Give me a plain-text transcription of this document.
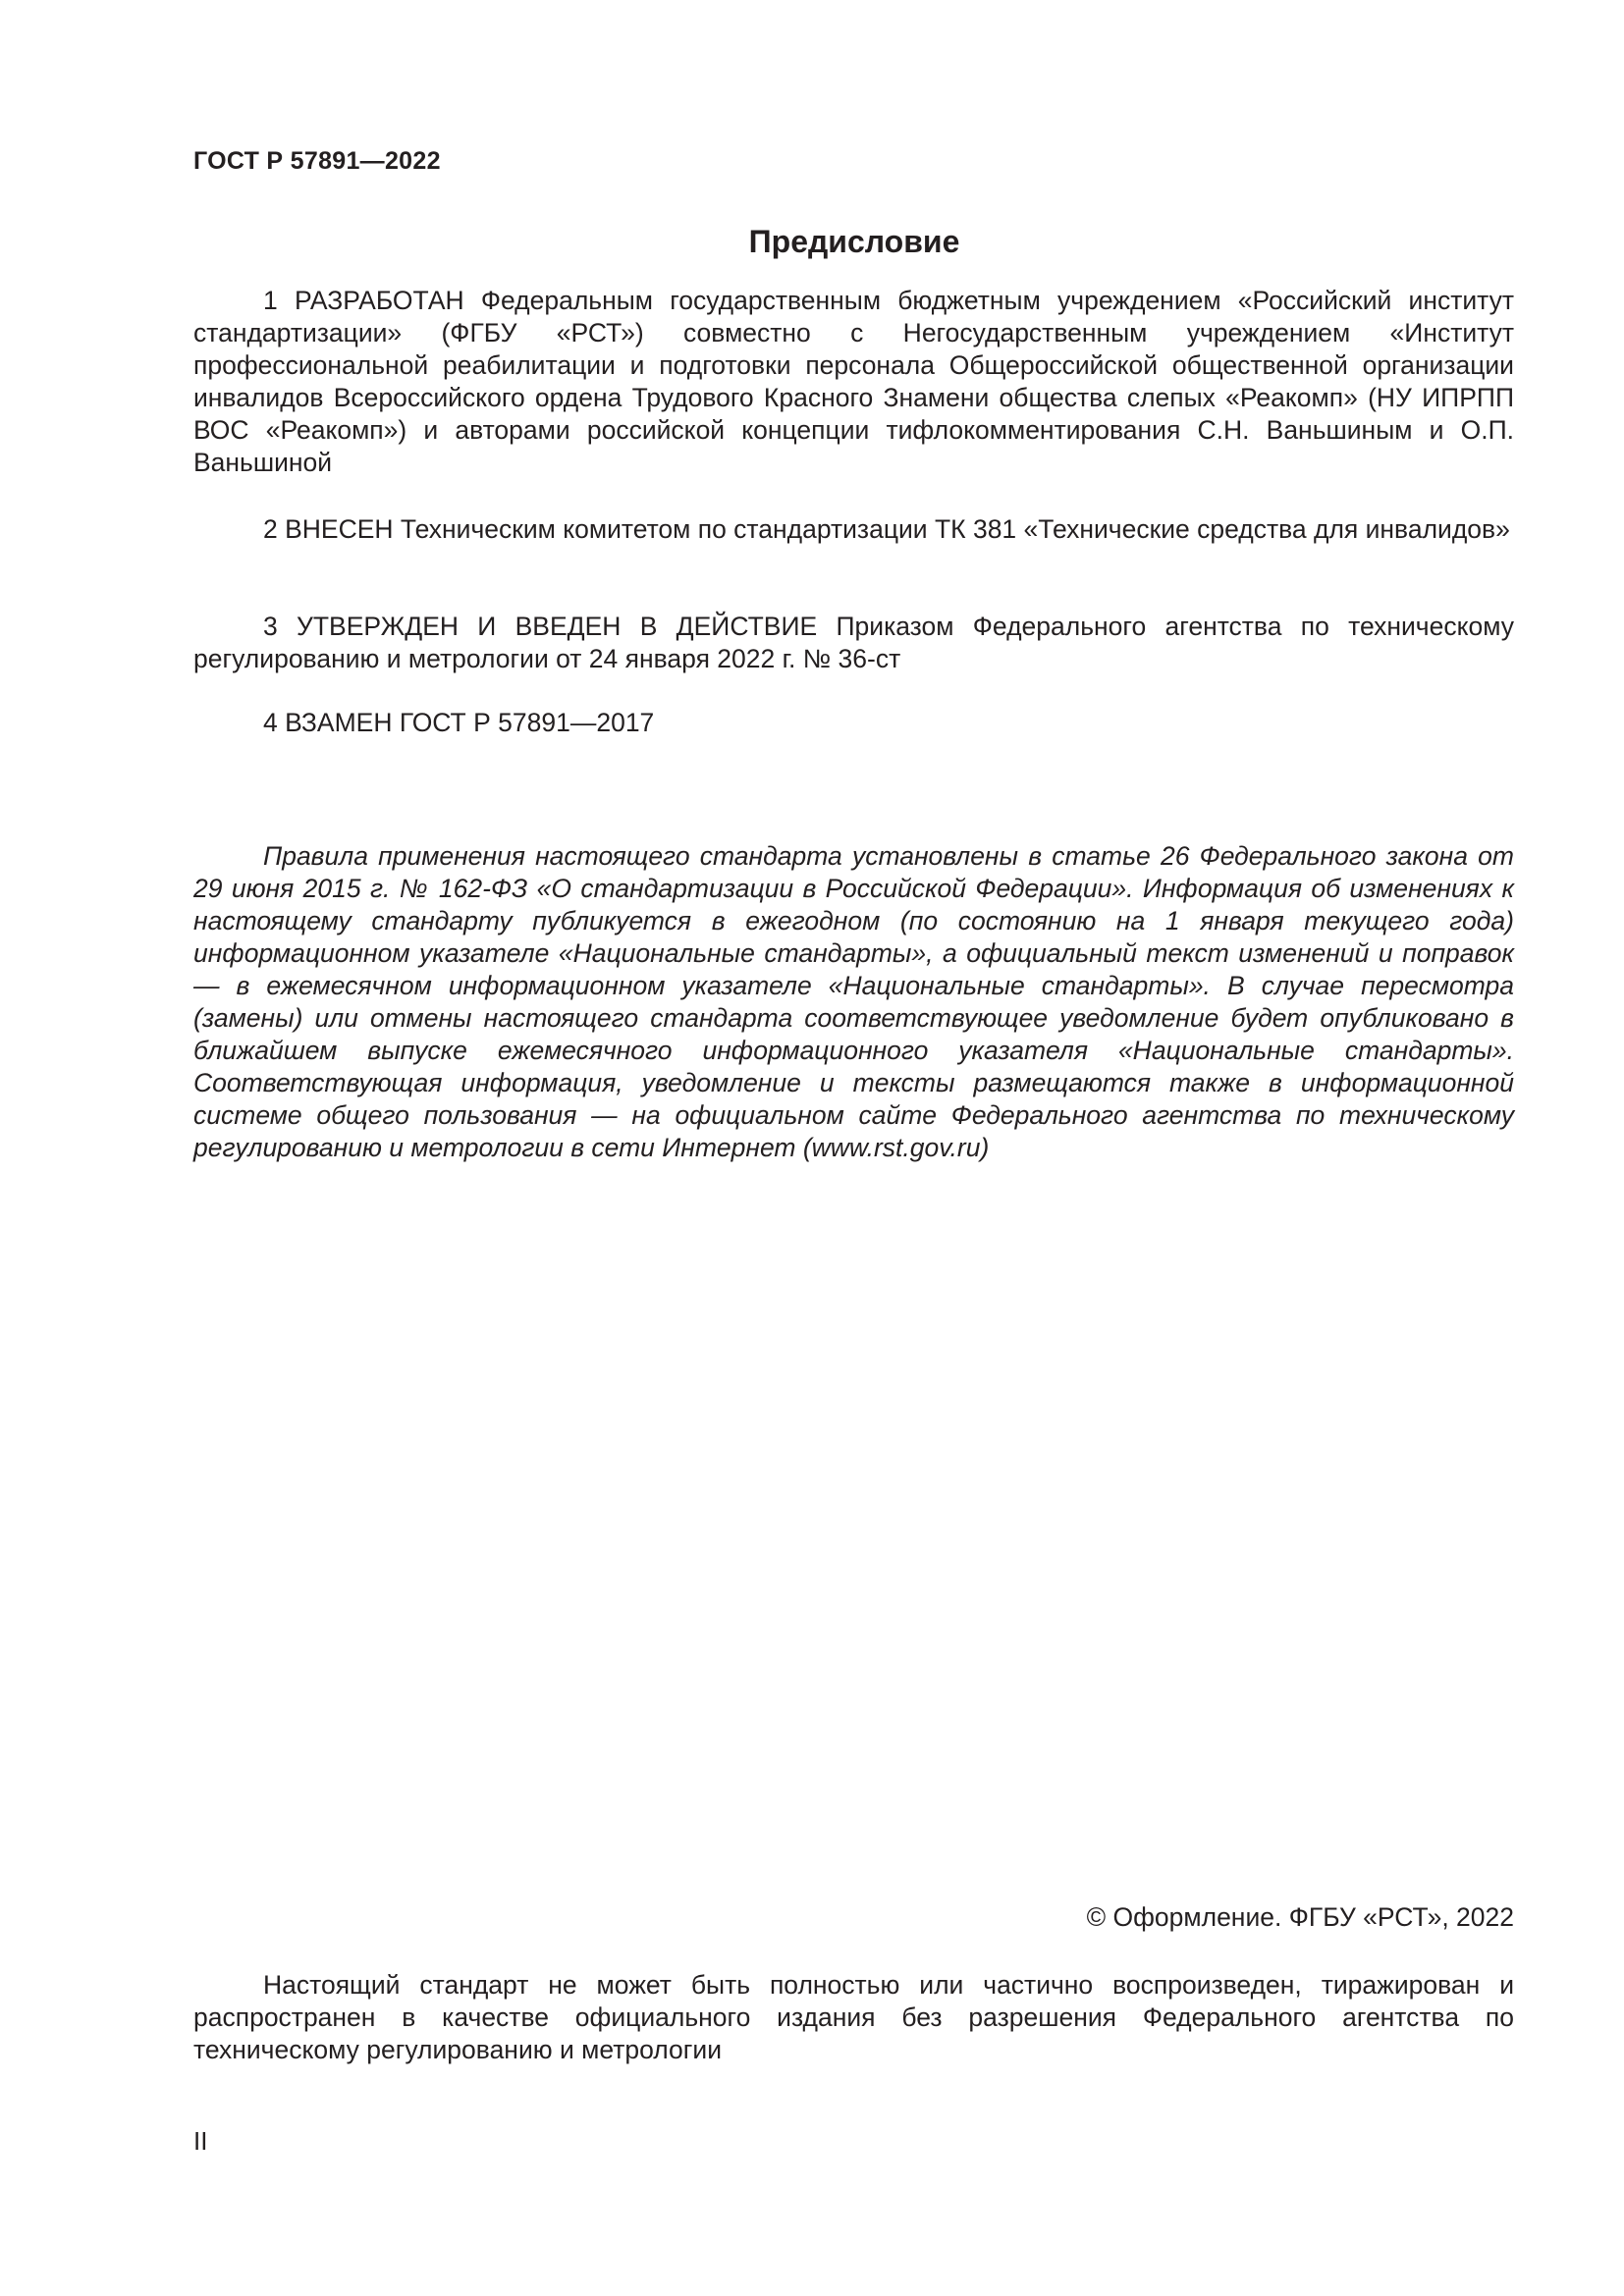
ГОСТ Р 57891—2022

Предисловие

1 РАЗРАБОТАН Федеральным государственным бюджетным учреждением «Российский институт стандартизации» (ФГБУ «РСТ») совместно с Негосударственным учреждением «Институт профессиональной реабилитации и подготовки персонала Общероссийской общественной организации инвалидов Всероссийского ордена Трудового Красного Знамени общества слепых «Реакомп» (НУ ИПРПП ВОС «Реакомп») и авторами российской концепции тифлокомментирования С.Н. Ваньшиным и О.П. Ваньшиной

2 ВНЕСЕН Техническим комитетом по стандартизации ТК 381 «Технические средства для инвалидов»

3 УТВЕРЖДЕН И ВВЕДЕН В ДЕЙСТВИЕ Приказом Федерального агентства по техническому регулированию и метрологии от 24 января 2022 г. № 36-ст

4 ВЗАМЕН ГОСТ Р 57891—2017

Правила применения настоящего стандарта установлены в статье 26 Федерального закона от 29 июня 2015 г. № 162-ФЗ «О стандартизации в Российской Федерации». Информация об изменениях к настоящему стандарту публикуется в ежегодном (по состоянию на 1 января текущего года) информационном указателе «Национальные стандарты», а официальный текст изменений и поправок — в ежемесячном информационном указателе «Национальные стандарты». В случае пересмотра (замены) или отмены настоящего стандарта соответствующее уведомление будет опубликовано в ближайшем выпуске ежемесячного информационного указателя «Национальные стандарты». Соответствующая информация, уведомление и тексты размещаются также в информационной системе общего пользования — на официальном сайте Федерального агентства по техническому регулированию и метрологии в сети Интернет (www.rst.gov.ru)

© Оформление. ФГБУ «РСТ», 2022

Настоящий стандарт не может быть полностью или частично воспроизведен, тиражирован и распространен в качестве официального издания без разрешения Федерального агентства по техническому регулированию и метрологии

II
